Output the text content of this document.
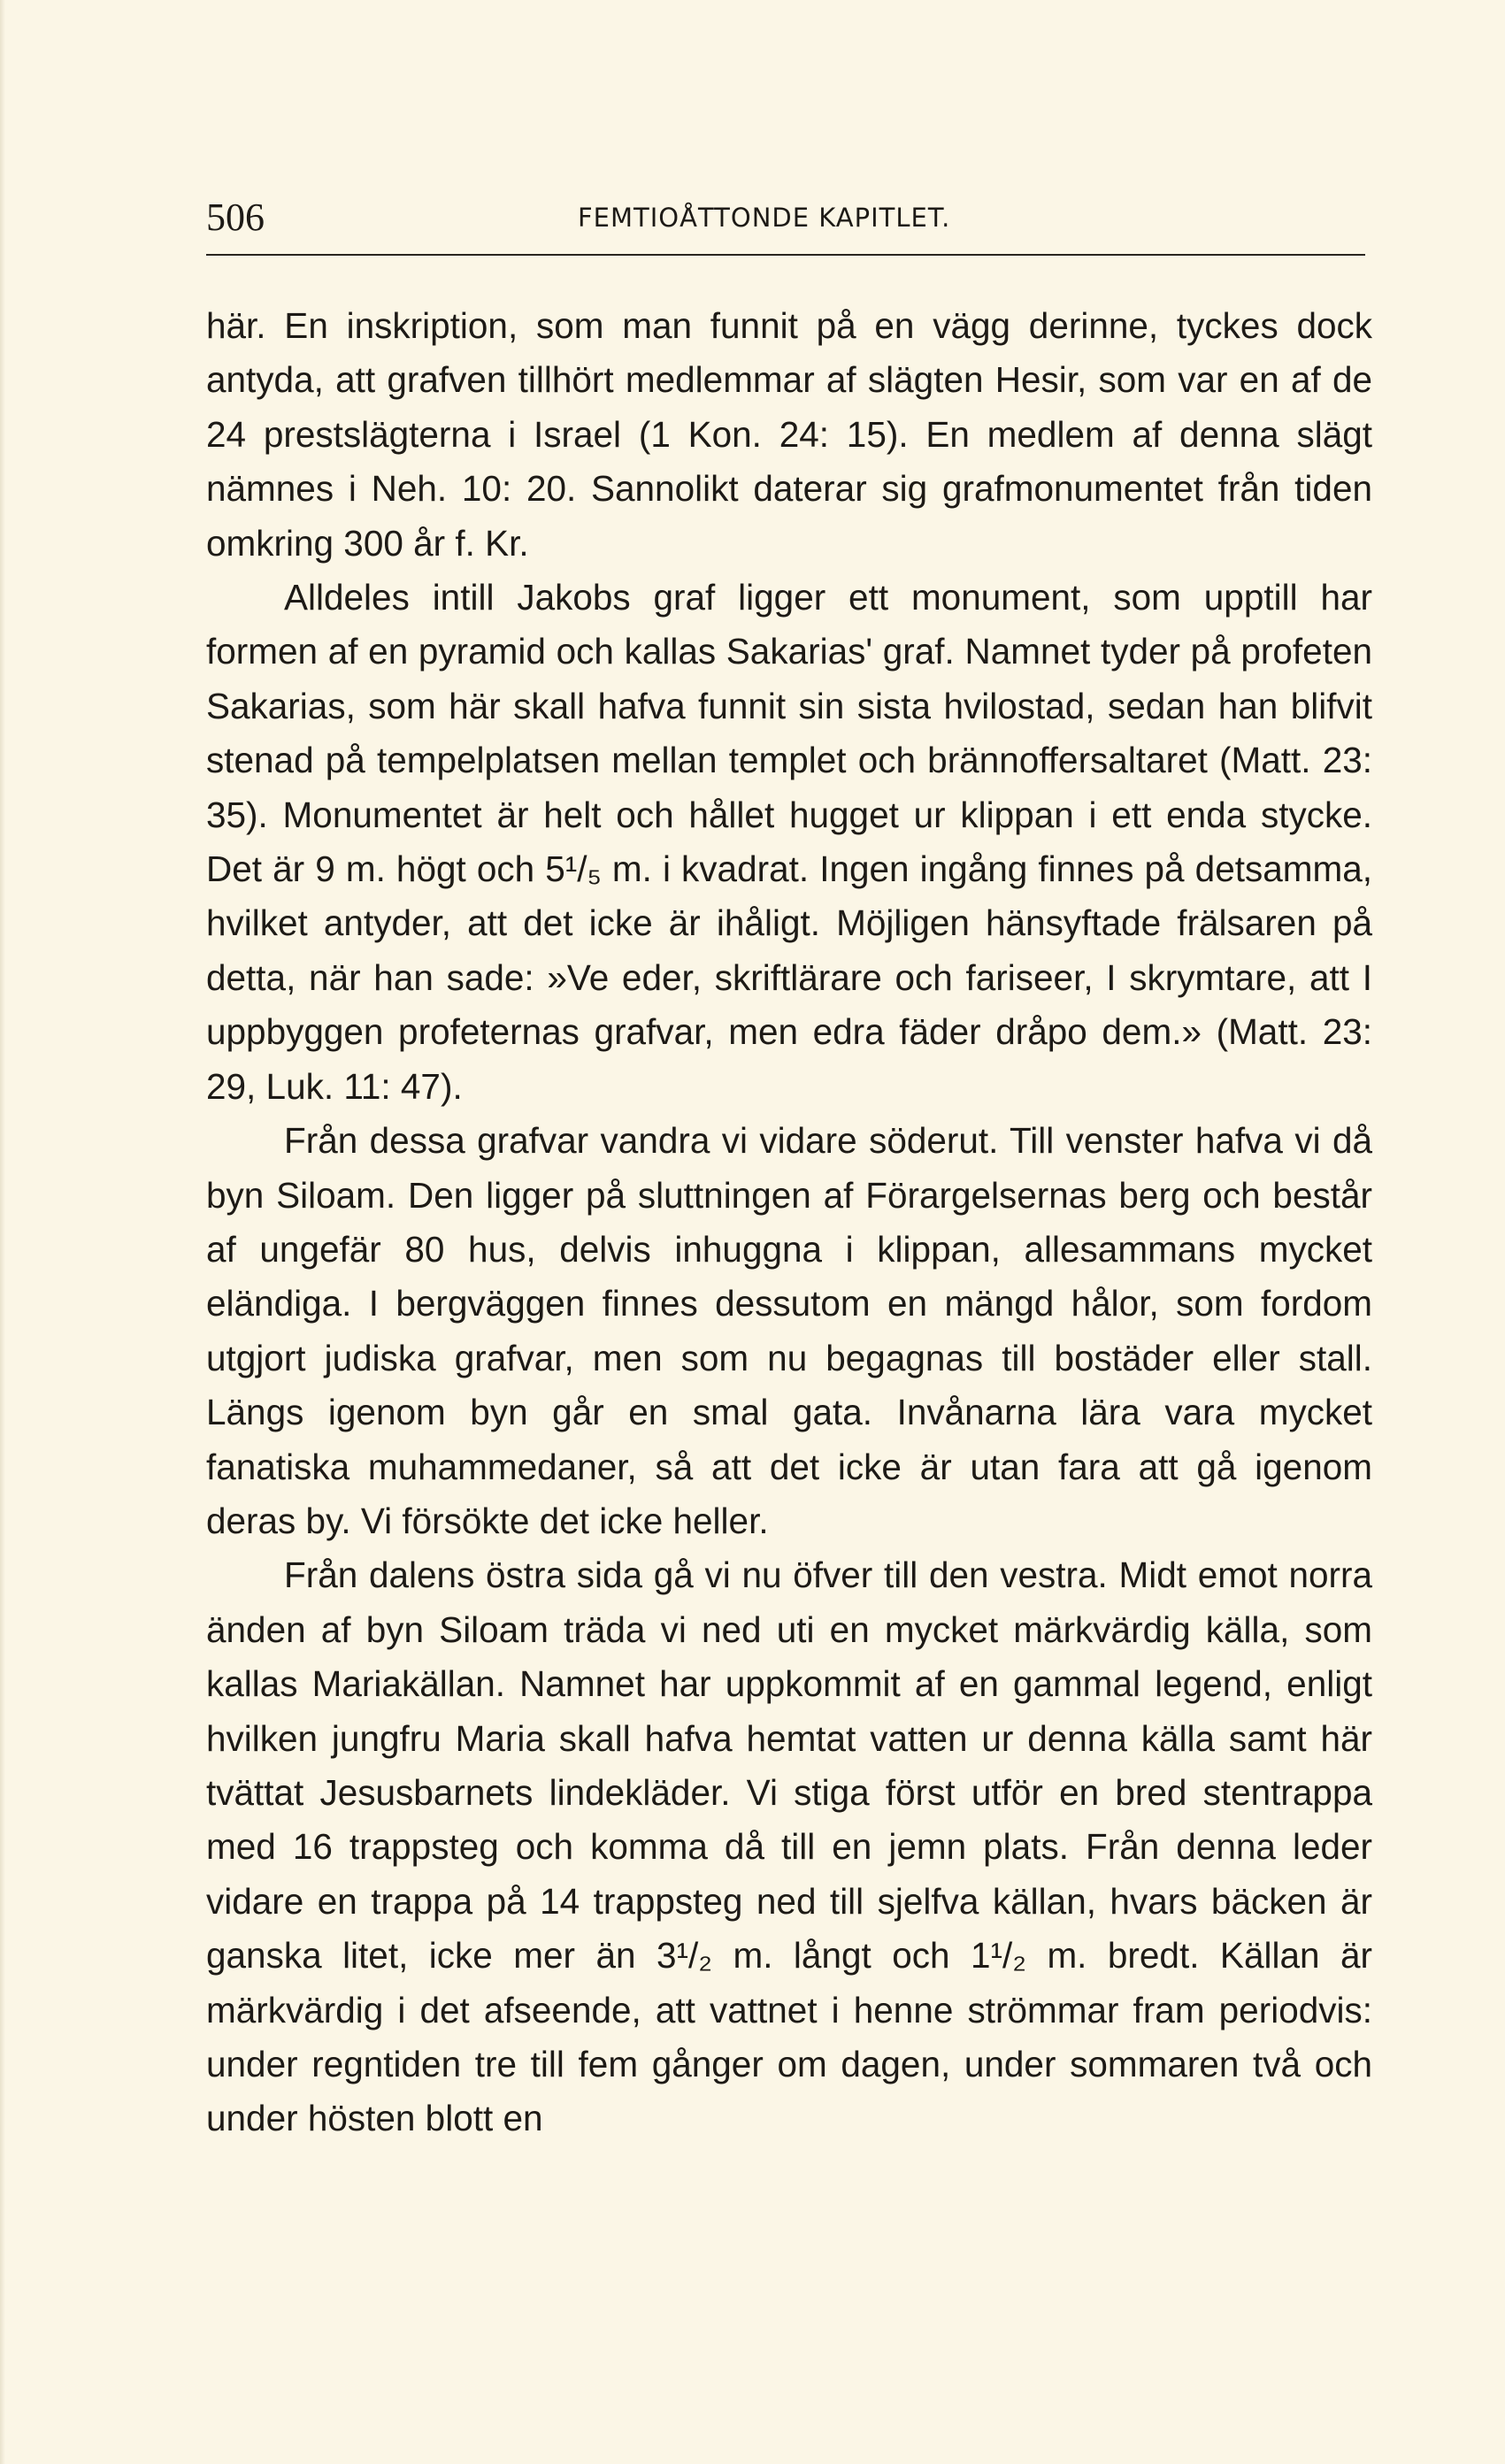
506	FEMTIOÅTTONDE KAPITLET.

här. En inskription, som man funnit på en vägg derinne, tyckes dock antyda, att grafven tillhört medlemmar af slägten Hesir, som var en af de 24 prestslägterna i Israel (1 Kon. 24: 15). En medlem af denna slägt nämnes i Neh. 10: 20. Sannolikt daterar sig grafmonumentet från tiden omkring 300 år f. Kr.

Alldeles intill Jakobs graf ligger ett monument, som upptill har formen af en pyramid och kallas Sakarias' graf. Namnet tyder på profeten Sakarias, som här skall hafva funnit sin sista hvilostad, sedan han blifvit stenad på tempelplatsen mellan templet och brännoffersaltaret (Matt. 23: 35). Monumentet är helt och hållet hugget ur klippan i ett enda stycke. Det är 9 m. högt och 5¹/₅ m. i kvadrat. Ingen ingång finnes på detsamma, hvilket antyder, att det icke är ihåligt. Möjligen hänsyftade frälsaren på detta, när han sade: »Ve eder, skriftlärare och fariseer, I skrymtare, att I uppbyggen profeternas grafvar, men edra fäder dråpo dem.» (Matt. 23: 29, Luk. 11: 47).

Från dessa grafvar vandra vi vidare söderut. Till venster hafva vi då byn Siloam. Den ligger på sluttningen af Förargelsernas berg och består af ungefär 80 hus, delvis inhuggna i klippan, allesammans mycket eländiga. I bergväggen finnes dessutom en mängd hålor, som fordom utgjort judiska grafvar, men som nu begagnas till bostäder eller stall. Längs igenom byn går en smal gata. Invånarna lära vara mycket fanatiska muhammedaner, så att det icke är utan fara att gå igenom deras by. Vi försökte det icke heller.

Från dalens östra sida gå vi nu öfver till den vestra. Midt emot norra änden af byn Siloam träda vi ned uti en mycket märkvärdig källa, som kallas Mariakällan. Namnet har uppkommit af en gammal legend, enligt hvilken jungfru Maria skall hafva hemtat vatten ur denna källa samt här tvättat Jesusbarnets lindekläder. Vi stiga först utför en bred stentrappa med 16 trappsteg och komma då till en jemn plats. Från denna leder vidare en trappa på 14 trappsteg ned till sjelfva källan, hvars bäcken är ganska litet, icke mer än 3¹/₂ m. långt och 1¹/₂ m. bredt. Källan är märkvärdig i det afseende, att vattnet i henne strömmar fram periodvis: under regntiden tre till fem gånger om dagen, under sommaren två och under hösten blott en
